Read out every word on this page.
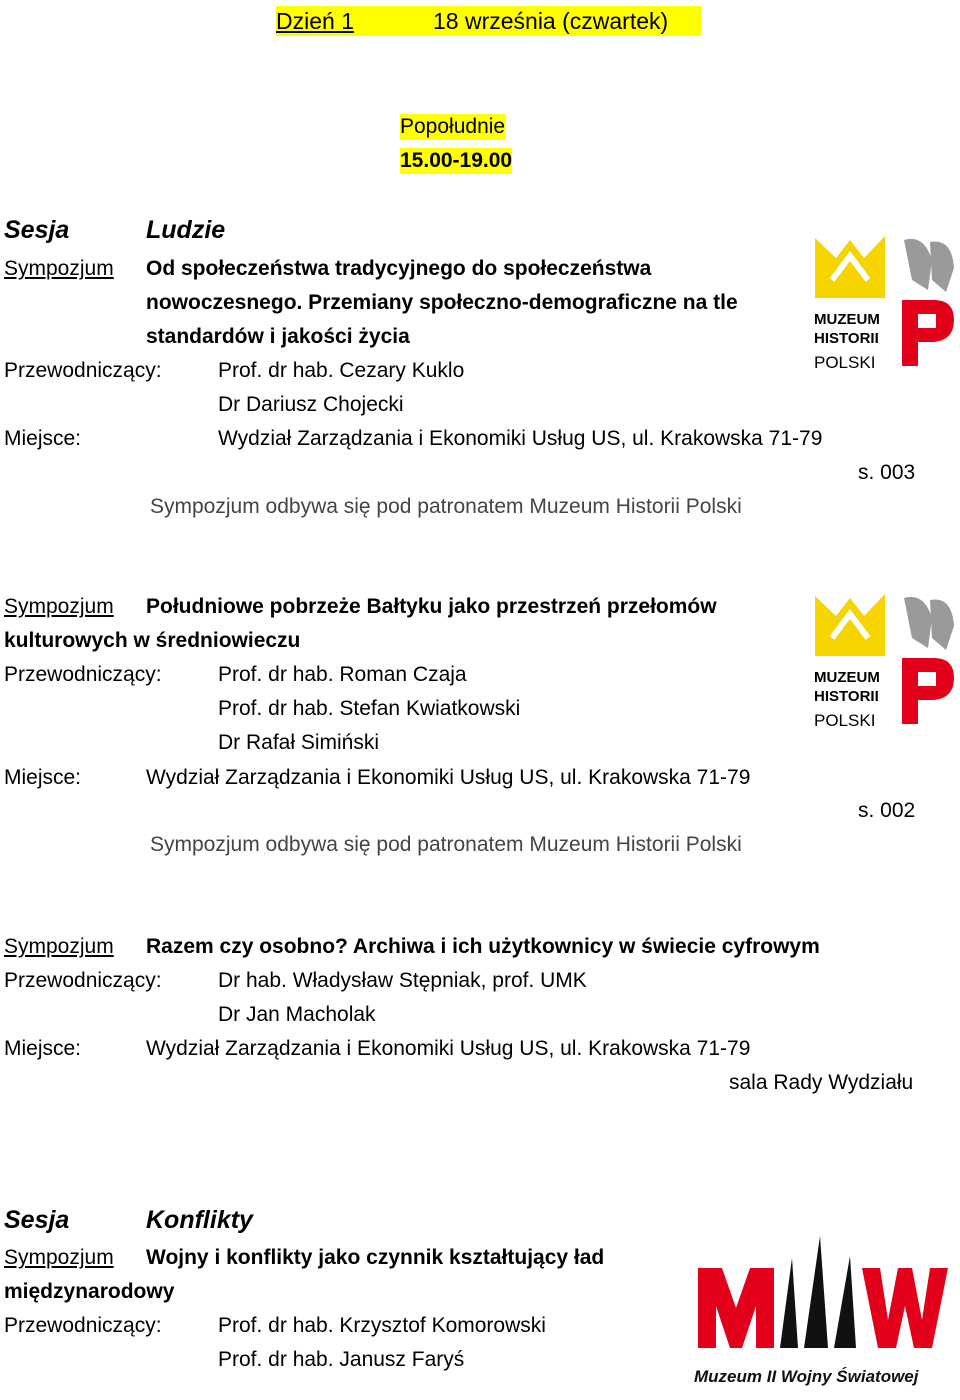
Dzień 1	18 września (czwartek)
Popołudnie
15.00-19.00
Sesja	Ludzie
Sympozjum Od społeczeństwa tradycyjnego do społeczeństwa
nowoczesnego. Przemiany społeczno-demograficzne na tle
standardów i jakości życia
Przewodniczący:	Prof. dr hab. Cezary Kuklo
Dr Dariusz Chojecki
Miejsce:	Wydział Zarządzania i Ekonomiki Usług US, ul. Krakowska 71-79
s. 003
Sympozjum odbywa się pod patronatem Muzeum Historii Polski
MUZEUM
HISTORII
POLSKI
Sympozjum Południowe pobrzeże Bałtyku jako przestrzeń przełomów
kulturowych w średniowieczu
Przewodniczący:	Prof. dr hab. Roman Czaja
Prof. dr hab. Stefan Kwiatkowski
Dr Rafał Simiński
Miejsce:	Wydział Zarządzania i Ekonomiki Usług US, ul. Krakowska 71-79
s. 002
Sympozjum odbywa się pod patronatem Muzeum Historii Polski
MUZEUM
HISTORII
POLSKI
Sympozjum Razem czy osobno? Archiwa i ich użytkownicy w świecie cyfrowym
Przewodniczący:	Dr hab. Władysław Stępniak, prof. UMK
Dr Jan Macholak
Miejsce:	Wydział Zarządzania i Ekonomiki Usług US, ul. Krakowska 71-79
sala Rady Wydziału
Sesja	Konflikty
Sympozjum Wojny i konflikty jako czynnik kształtujący ład
międzynarodowy
Przewodniczący:	Prof. dr hab. Krzysztof Komorowski
Prof. dr hab. Janusz Faryś
Muzeum II Wojny Światowej
